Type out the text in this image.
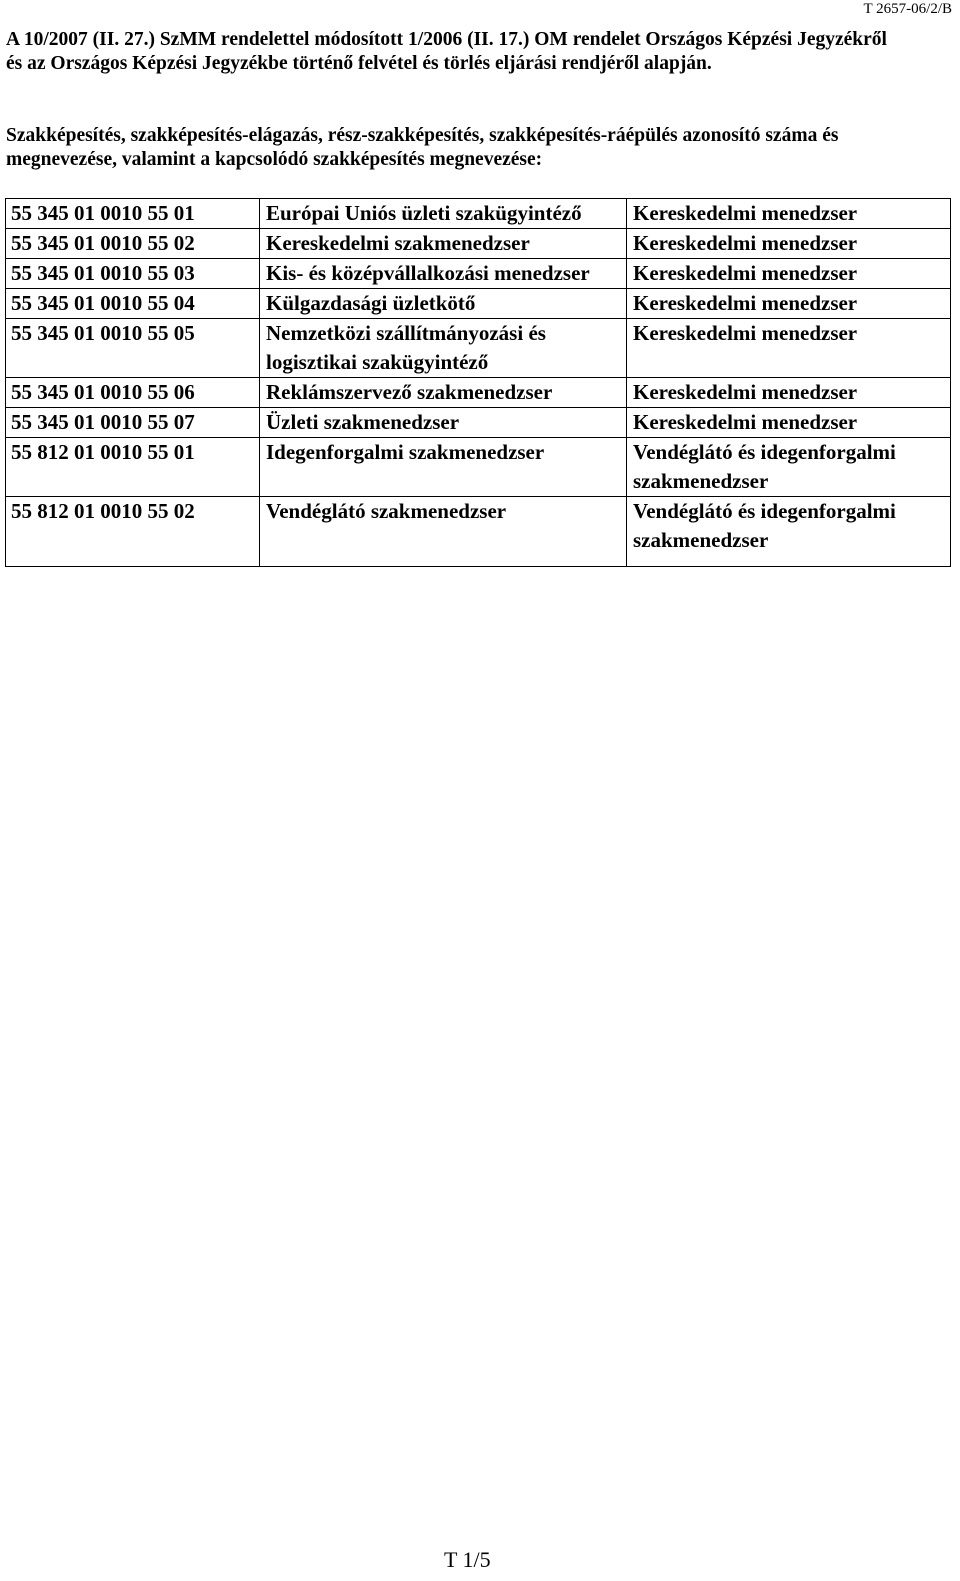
T 2657-06/2/B

A 10/2007 (II. 27.) SzMM rendelettel módosított 1/2006 (II. 17.) OM rendelet Országos Képzési Jegyzékről

és az Országos Képzési Jegyzékbe történő felvétel és törlés eljárási rendjéről alapján.

Szakképesítés, szakképesítés-elágazás, rész-szakképesítés, szakképesítés-ráépülés azonosító száma és

megnevezése, valamint a kapcsolódó szakképesítés megnevezése:

55 345 01 0010 55 01	Európai Uniós üzleti szakügyintéző	Kereskedelmi menedzser
55 345 01 0010 55 02	Kereskedelmi szakmenedzser	Kereskedelmi menedzser
55 345 01 0010 55 03	Kis- és középvállalkozási menedzser	Kereskedelmi menedzser
55 345 01 0010 55 04	Külgazdasági üzletkötő	Kereskedelmi menedzser
55 345 01 0010 55 05	Nemzetközi szállítmányozási és logisztikai szakügyintéző	Kereskedelmi menedzser
55 345 01 0010 55 06	Reklámszervező szakmenedzser	Kereskedelmi menedzser
55 345 01 0010 55 07	Üzleti szakmenedzser	Kereskedelmi menedzser
55 812 01 0010 55 01	Idegenforgalmi szakmenedzser	Vendéglátó és idegenforgalmi szakmenedzser
55 812 01 0010 55 02	Vendéglátó szakmenedzser	Vendéglátó és idegenforgalmi szakmenedzser
T 1/5
